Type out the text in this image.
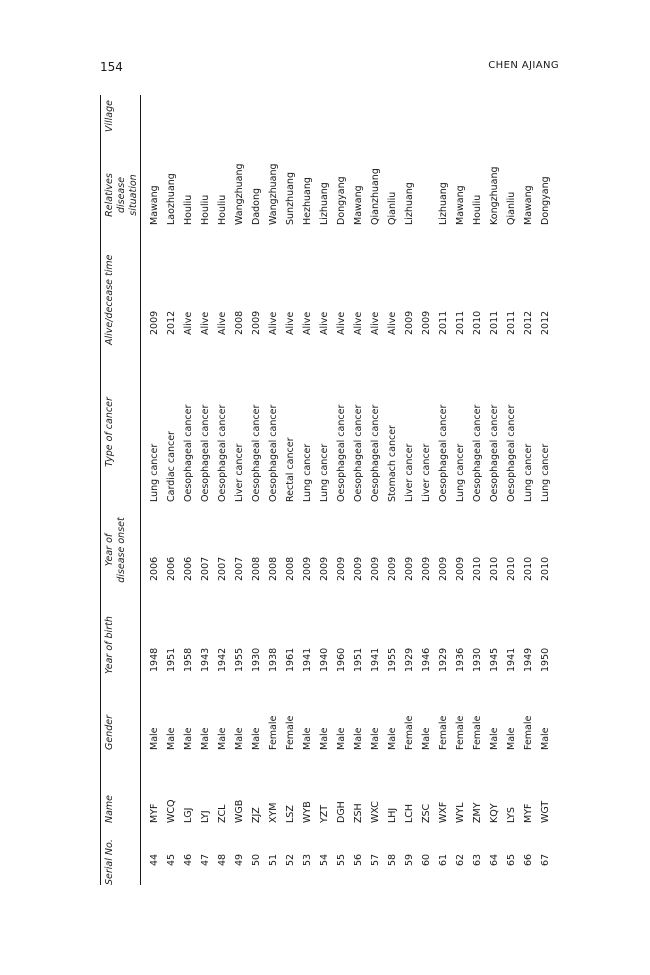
154	CHEN AJIANG
Serial No.
Name
Gender
Year of birth
Year of disease onset
Type of cancer
Alive/decease time
Relatives disease situation
Village
44
MYF
Male
1948
2006
Lung cancer
2009
Mawang
45
WCQ
Male
1951
2006
Cardiac cancer
2012
Laozhuang
46
LGJ
Male
1958
2006
Oesophageal cancer
Alive
Houliu
47
LYJ
Male
1943
2007
Oesophageal cancer
Alive
Houliu
48
ZCL
Male
1942
2007
Oesophageal cancer
Alive
Houliu
49
WGB
Male
1955
2007
Liver cancer
2008
Wangzhuang
50
ZJZ
Male
1930
2008
Oesophageal cancer
2009
Dadong
51
XYM
Female
1938
2008
Oesophageal cancer
Alive
Wangzhuang
52
LSZ
Female
1961
2008
Rectal cancer
Alive
Sunzhuang
53
WYB
Male
1941
2009
Lung cancer
Alive
Hezhuang
54
YZT
Male
1940
2009
Lung cancer
Alive
Lizhuang
55
DGH
Male
1960
2009
Oesophageal cancer
Alive
Dongyang
56
ZSH
Male
1951
2009
Oesophageal cancer
Alive
Mawang
57
WXC
Male
1941
2009
Oesophageal cancer
Alive
Qianzhuang
58
LHJ
Male
1955
2009
Stomach cancer
Alive
Qianliu
59
LCH
Female
1929
2009
Liver cancer
2009
Lizhuang
60
ZSC
Male
1946
2009
Liver cancer
2009
61
WXF
Female
1929
2009
Oesophageal cancer
2011
Lizhuang
62
WYL
Female
1936
2009
Lung cancer
2011
Mawang
63
ZMY
Female
1930
2010
Oesophageal cancer
2010
Houliu
64
KQY
Male
1945
2010
Oesophageal cancer
2011
Kongzhuang
65
LYS
Male
1941
2010
Oesophageal cancer
2011
Qianliu
66
MYF
Female
1949
2010
Lung cancer
2012
Mawang
67
WGT
Male
1950
2010
Lung cancer
2012
Dongyang
